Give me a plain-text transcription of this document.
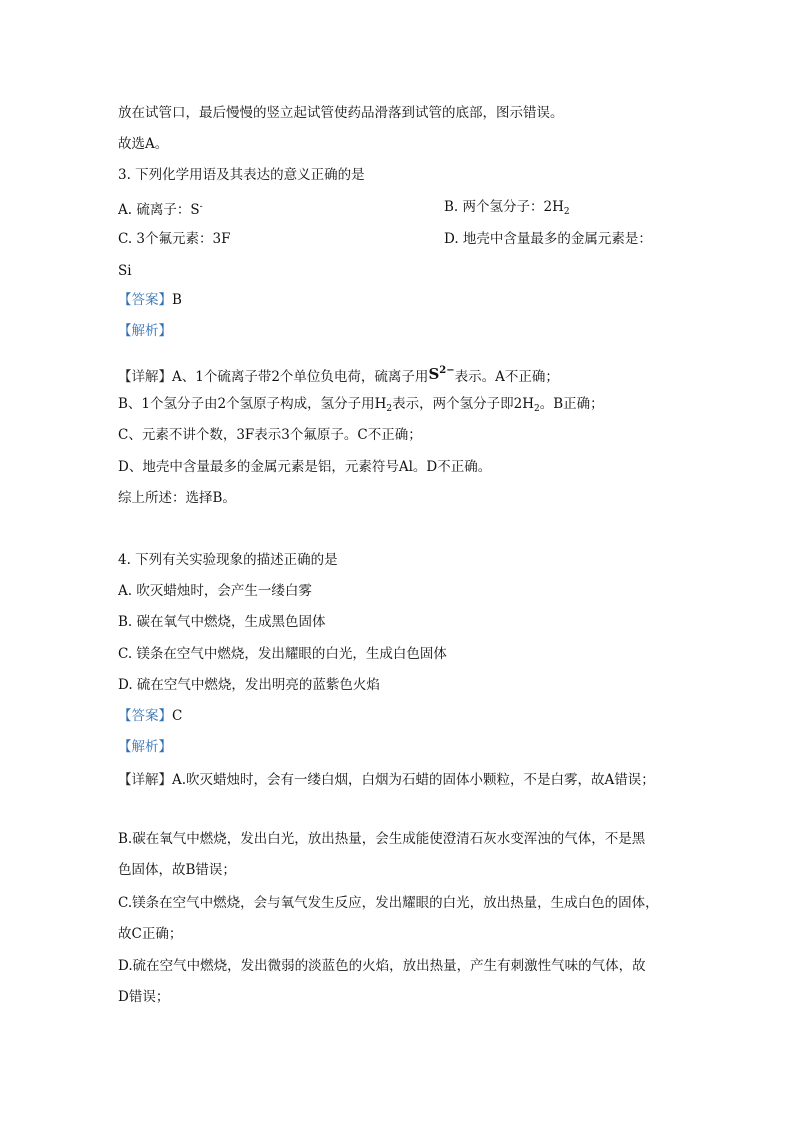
放在试管口，最后慢慢的竖立起试管使药品滑落到试管的底部，图示错误。

故选A。

3. 下列化学用语及其表达的意义正确的是

A. 硫离子：S-	B. 两个氢分子：$2H_2$

C. 3个氟元素：3F	D. 地壳中含量最多的金属元素是：

Si

【答案】B

【解析】

【详解】A、1个硫离子带2个单位负电荷，硫离子用$S^{2-}$表示。A不正确；

B、1个氢分子由2个氢原子构成，氢分子用$H_2$表示，两个氢分子即$2H_2$。B正确；

C、元素不讲个数，3F表示3个氟原子。C不正确；

D、地壳中含量最多的金属元素是铝，元素符号Al。D不正确。

综上所述：选择B。

4. 下列有关实验现象的描述正确的是

A. 吹灭蜡烛时，会产生一缕白雾

B. 碳在氧气中燃烧，生成黑色固体

C. 镁条在空气中燃烧，发出耀眼的白光，生成白色固体

D. 硫在空气中燃烧，发出明亮的蓝紫色火焰

【答案】C

【解析】

【详解】A.吹灭蜡烛时，会有一缕白烟，白烟为石蜡的固体小颗粒，不是白雾，故A错误；

B.碳在氧气中燃烧，发出白光，放出热量，会生成能使澄清石灰水变浑浊的气体，不是黑

色固体，故B错误；

C.镁条在空气中燃烧，会与氧气发生反应，发出耀眼的白光，放出热量，生成白色的固体，

故C正确；

D.硫在空气中燃烧，发出微弱的淡蓝色的火焰，放出热量，产生有刺激性气味的气体，故

D错误；
